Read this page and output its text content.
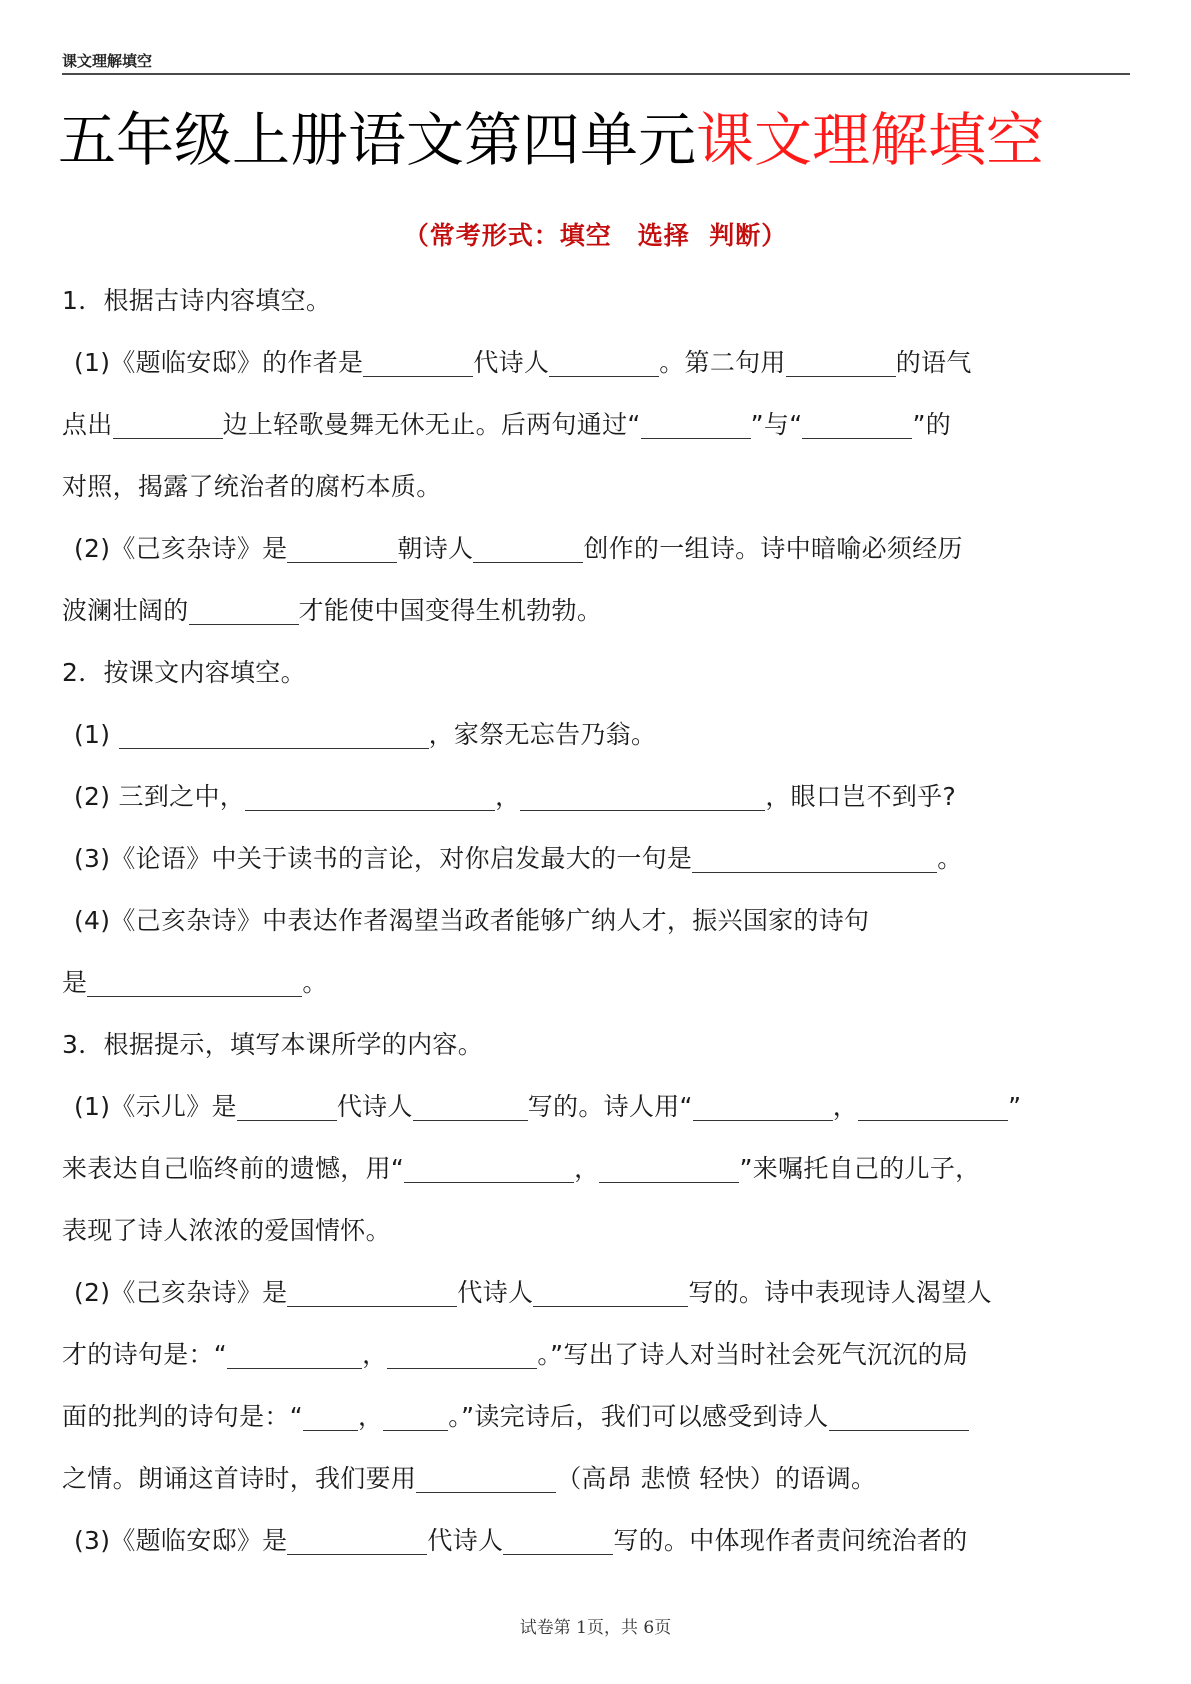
课文理解填空
五年级上册语文第四单元课文理解填空
（常考形式：填空　选择  判断）
1．根据古诗内容填空。
(1)《题临安邸》的作者是	代诗人	。第二句用	的语气
点出	边上轻歌曼舞无休无止。后两句通过“	”与“	”的
对照，揭露了统治者的腐朽本质。
(2)《己亥杂诗》是	朝诗人	创作的一组诗。诗中暗喻必须经历
波澜壮阔的	才能使中国变得生机勃勃。
2．按课文内容填空。
(1)	，家祭无忘告乃翁。
(2) 三到之中，	，	，眼口岂不到乎?
(3)《论语》中关于读书的言论，对你启发最大的一句是	。
(4)《己亥杂诗》中表达作者渴望当政者能够广纳人才，振兴国家的诗句
是	。
3．根据提示，填写本课所学的内容。
(1)《示儿》是	代诗人	写的。诗人用“	，	”
来表达自己临终前的遗憾，用“	，	”来嘱托自己的儿子，
表现了诗人浓浓的爱国情怀。
(2)《己亥杂诗》是	代诗人	写的。诗中表现诗人渴望人
才的诗句是：“	，	。”写出了诗人对当时社会死气沉沉的局
面的批判的诗句是：“ ，	。”读完诗后，我们可以感受到诗人
之情。朗诵这首诗时，我们要用	（高昂 悲愤 轻快）的语调。
(3)《题临安邸》是	代诗人	写的。中体现作者责问统治者的
试卷第 1页，共 6页
